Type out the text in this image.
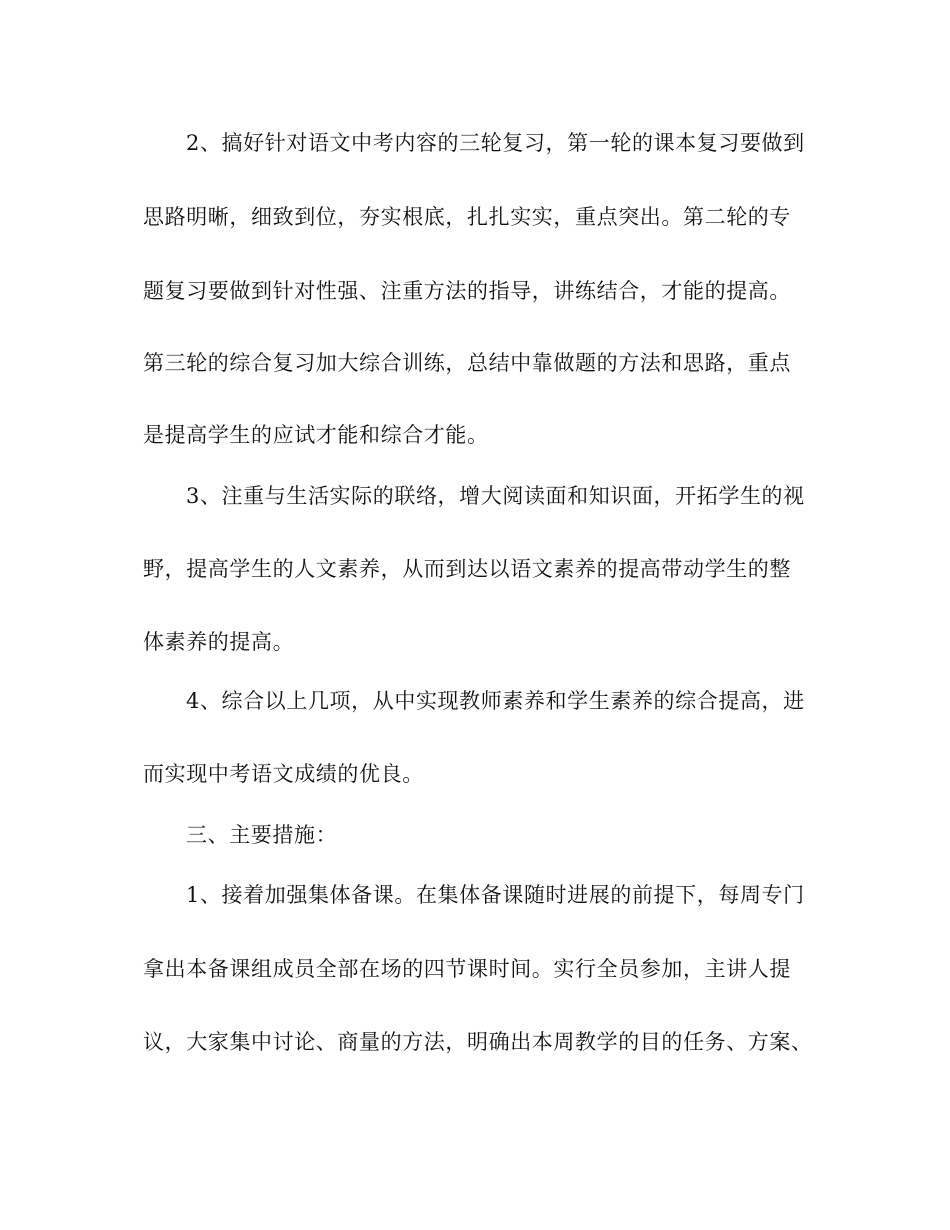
2、搞好针对语文中考内容的三轮复习，第一轮的课本复习要做到
思路明晰，细致到位，夯实根底，扎扎实实，重点突出。第二轮的专
题复习要做到针对性强、注重方法的指导，讲练结合，才能的提高。
第三轮的综合复习加大综合训练，总结中靠做题的方法和思路，重点
是提高学生的应试才能和综合才能。
3、注重与生活实际的联络，增大阅读面和知识面，开拓学生的视
野，提高学生的人文素养，从而到达以语文素养的提高带动学生的整
体素养的提高。
4、综合以上几项，从中实现教师素养和学生素养的综合提高，进
而实现中考语文成绩的优良。
三、主要措施：
1、接着加强集体备课。在集体备课随时进展的前提下，每周专门
拿出本备课组成员全部在场的四节课时间。实行全员参加，主讲人提
议，大家集中讨论、商量的方法，明确出本周教学的目的任务、方案、
